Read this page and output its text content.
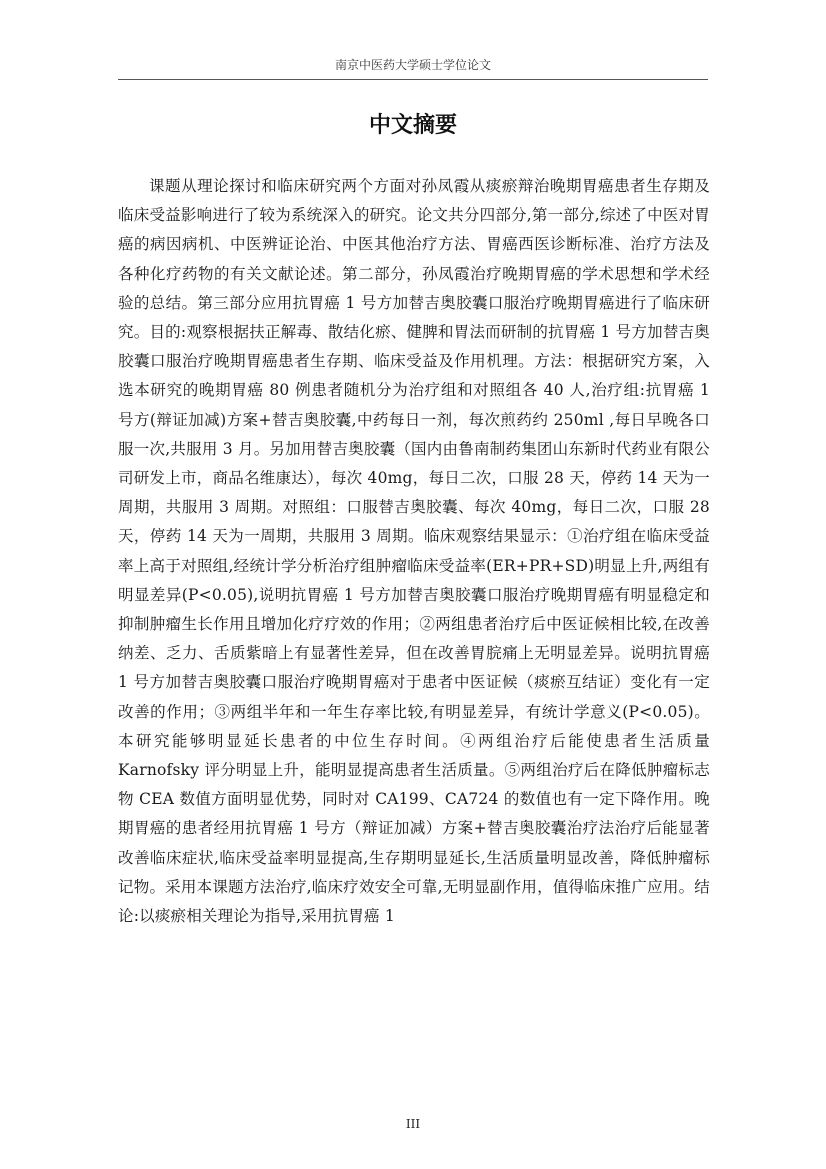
南京中医药大学硕士学位论文
中文摘要
课题从理论探讨和临床研究两个方面对孙凤霞从痰瘀辩治晚期胃癌患者生存期及临床受益影响进行了较为系统深入的研究。论文共分四部分,第一部分,综述了中医对胃癌的病因病机、中医辨证论治、中医其他治疗方法、胃癌西医诊断标准、治疗方法及各种化疗药物的有关文献论述。第二部分，孙凤霞治疗晚期胃癌的学术思想和学术经验的总结。第三部分应用抗胃癌 1 号方加替吉奥胶囊口服治疗晚期胃癌进行了临床研究。目的:观察根据扶正解毒、散结化瘀、健脾和胃法而研制的抗胃癌 1 号方加替吉奥胶囊口服治疗晚期胃癌患者生存期、临床受益及作用机理。方法：根据研究方案，入选本研究的晚期胃癌 80 例患者随机分为治疗组和对照组各 40 人,治疗组:抗胃癌 1 号方(辩证加减)方案+替吉奥胶囊,中药每日一剂，每次煎药约 250ml ,每日早晚各口服一次,共服用 3 月。另加用替吉奥胶囊（国内由鲁南制药集团山东新时代药业有限公司研发上市，商品名维康达），每次 40mg，每日二次，口服 28 天，停药 14 天为一周期，共服用 3 周期。对照组：口服替吉奥胶囊、每次 40mg，每日二次，口服 28 天，停药 14 天为一周期，共服用 3 周期。临床观察结果显示：①治疗组在临床受益率上高于对照组,经统计学分析治疗组肿瘤临床受益率(ER+PR+SD)明显上升,两组有明显差异(P<0.05),说明抗胃癌 1 号方加替吉奥胶囊口服治疗晚期胃癌有明显稳定和抑制肿瘤生长作用且增加化疗疗效的作用；②两组患者治疗后中医证候相比较,在改善纳差、乏力、舌质紫暗上有显著性差异，但在改善胃脘痛上无明显差异。说明抗胃癌 1 号方加替吉奥胶囊口服治疗晚期胃癌对于患者中医证候（痰瘀互结证）变化有一定改善的作用；③两组半年和一年生存率比较,有明显差异，有统计学意义(P<0.05)。本研究能够明显延长患者的中位生存时间。④两组治疗后能使患者生活质量 Karnofsky 评分明显上升，能明显提高患者生活质量。⑤两组治疗后在降低肿瘤标志物 CEA 数值方面明显优势，同时对 CA199、CA724 的数值也有一定下降作用。晚期胃癌的患者经用抗胃癌 1 号方（辩证加减）方案+替吉奥胶囊治疗法治疗后能显著改善临床症状,临床受益率明显提高,生存期明显延长,生活质量明显改善，降低肿瘤标记物。采用本课题方法治疗,临床疗效安全可靠,无明显副作用，值得临床推广应用。结论:以痰瘀相关理论为指导,采用抗胃癌 1
III
